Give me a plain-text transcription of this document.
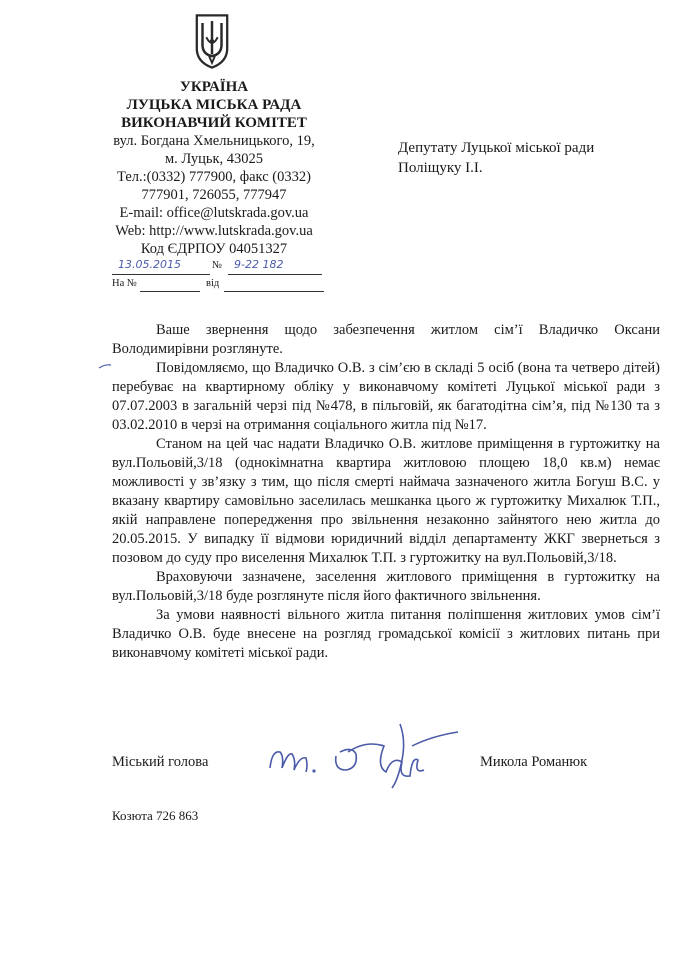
УКРАЇНА
ЛУЦЬКА МІСЬКА РАДА
ВИКОНАВЧИЙ КОМІТЕТ
вул. Богдана Хмельницького, 19,
м. Луцьк, 43025
Тел.:(0332) 777900, факс (0332)
777901, 726055, 777947
E-mail: office@lutskrada.gov.ua
Web: http://www.lutskrada.gov.ua
Код ЄДРПОУ 04051327
13.05.2015	№ 9-22 182
На №	від
Депутату Луцької міської ради
Поліщуку І.І.

Ваше звернення щодо забезпечення житлом сім’ї Владичко Оксани Володимирівни розглянуте.

Повідомляємо, що Владичко О.В. з сім’єю в складі 5 осіб (вона та четверо дітей) перебуває на квартирному обліку у виконавчому комітеті Луцької міської ради з 07.07.2003 в загальній черзі під №478, в пільговій, як багатодітна сім’я, під №130 та з 03.02.2010 в черзі на отримання соціального житла під №17.

Станом на цей час надати Владичко О.В. житлове приміщення в гуртожитку на вул.Польовій,3/18 (однокімнатна квартира житловою площею 18,0 кв.м) немає можливості у зв’язку з тим, що після смерті наймача зазначеного житла Богуш В.С. у вказану квартиру самовільно заселилась мешканка цього ж гуртожитку Михалюк Т.П., якій направлене попередження про звільнення незаконно зайнятого нею житла до 20.05.2015. У випадку її відмови юридичний відділ департаменту ЖКГ звернеться з позовом до суду про виселення Михалюк Т.П. з гуртожитку на вул.Польовій,3/18.

Враховуючи зазначене, заселення житлового приміщення в гуртожитку на вул.Польовій,3/18 буде розглянуте після його фактичного звільнення.

За умови наявності вільного житла питання поліпшення житлових умов сім’ї Владичко О.В. буде внесене на розгляд громадської комісії з житлових питань при виконавчому комітеті міської ради.

Міський голова	Микола Романюк
Козюта 726 863
